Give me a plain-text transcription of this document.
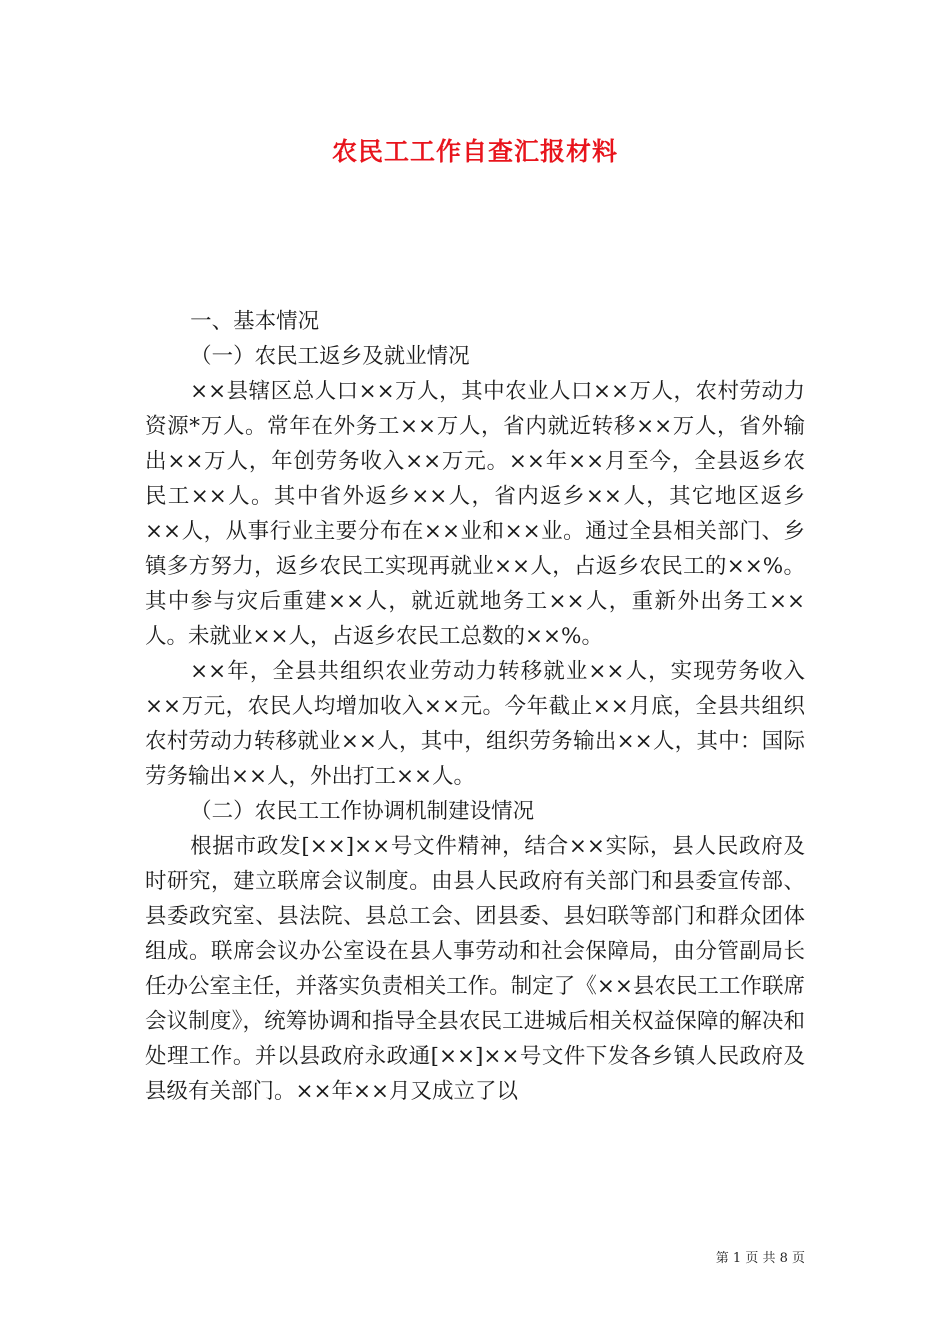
农民工工作自查汇报材料

一、基本情况

（一）农民工返乡及就业情况

××县辖区总人口××万人，其中农业人口××万人，农村劳动力资源*万人。常年在外务工××万人，省内就近转移××万人，省外输出××万人，年创劳务收入××万元。××年××月至今，全县返乡农民工××人。其中省外返乡××人，省内返乡××人，其它地区返乡××人，从事行业主要分布在××业和××业。通过全县相关部门、乡镇多方努力，返乡农民工实现再就业××人，占返乡农民工的××%。其中参与灾后重建××人，就近就地务工××人，重新外出务工××人。未就业××人，占返乡农民工总数的××%。

××年，全县共组织农业劳动力转移就业××人，实现劳务收入××万元，农民人均增加收入××元。今年截止××月底，全县共组织农村劳动力转移就业××人，其中，组织劳务输出××人，其中：国际劳务输出××人，外出打工××人。

（二）农民工工作协调机制建设情况

根据市政发[××]××号文件精神，结合××实际，县人民政府及时研究，建立联席会议制度。由县人民政府有关部门和县委宣传部、县委政究室、县法院、县总工会、团县委、县妇联等部门和群众团体组成。联席会议办公室设在县人事劳动和社会保障局，由分管副局长任办公室主任，并落实负责相关工作。制定了《××县农民工工作联席会议制度》，统筹协调和指导全县农民工进城后相关权益保障的解决和处理工作。并以县政府永政通[××]××号文件下发各乡镇人民政府及县级有关部门。××年××月又成立了以

第 1 页 共 8 页
